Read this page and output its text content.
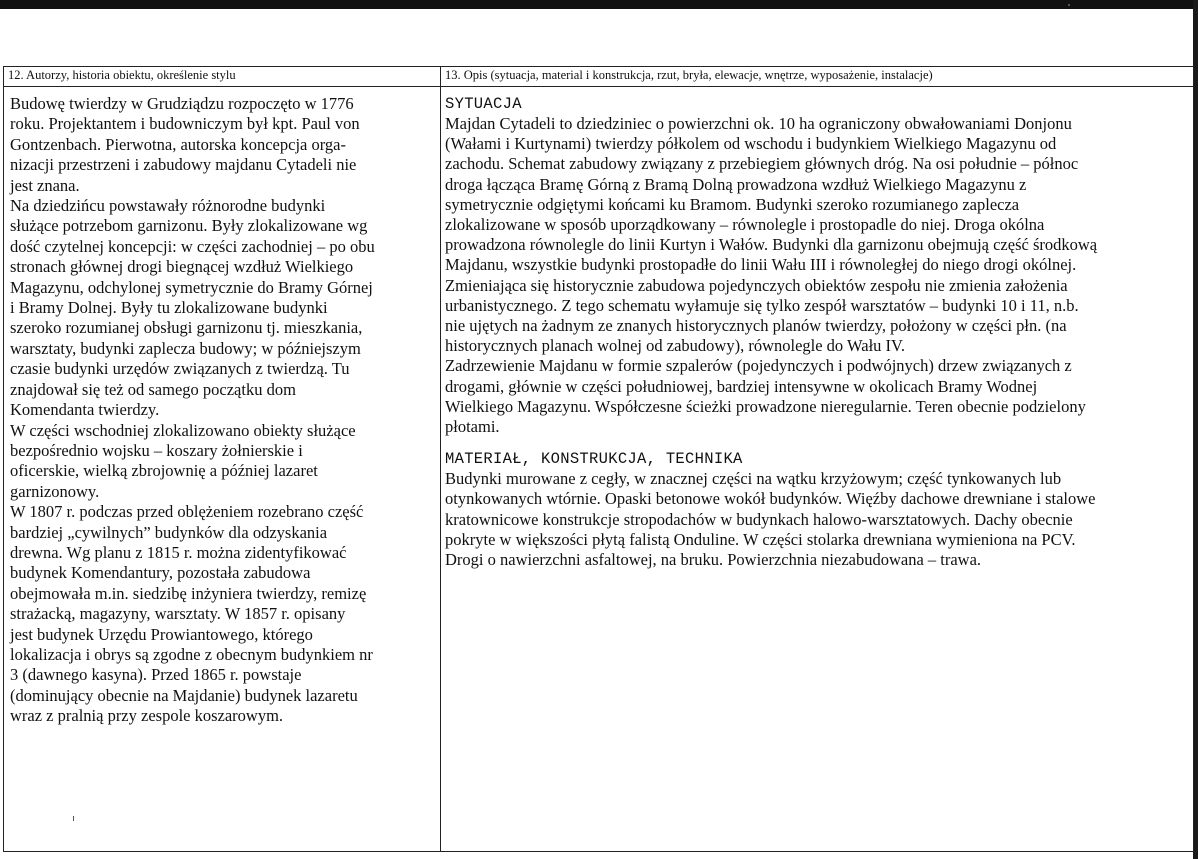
12. Autorzy, historia obiektu, określenie stylu	13. Opis (sytuacja, material i konstrukcja, rzut, bryła, elewacje, wnętrze, wyposażenie, instalacje)
Budowę twierdzy w Grudziądzu rozpoczęto w 1776
roku. Projektantem i budowniczym był kpt. Paul von
Gontzenbach. Pierwotna, autorska koncepcja orga-
nizacji przestrzeni i zabudowy majdanu Cytadeli nie
jest znana.
Na dziedzińcu powstawały różnorodne budynki
służące potrzebom garnizonu. Były zlokalizowane wg
dość czytelnej koncepcji: w części zachodniej – po obu
stronach głównej drogi biegnącej wzdłuż Wielkiego
Magazynu, odchylonej symetrycznie do Bramy Górnej
i Bramy Dolnej. Były tu zlokalizowane budynki
szeroko rozumianej obsługi garnizonu tj. mieszkania,
warsztaty, budynki zaplecza budowy; w późniejszym
czasie budynki urzędów związanych z twierdzą. Tu
znajdował się też od samego początku dom
Komendanta twierdzy.
W części wschodniej zlokalizowano obiekty służące
bezpośrednio wojsku – koszary żołnierskie i
oficerskie, wielką zbrojownię a później lazaret
garnizonowy.
W 1807 r. podczas przed oblężeniem rozebrano część
bardziej „cywilnych” budynków dla odzyskania
drewna. Wg planu z 1815 r. można zidentyfikować
budynek Komendantury, pozostała zabudowa
obejmowała m.in. siedzibę inżyniera twierdzy, remizę
strażacką, magazyny, warsztaty. W 1857 r. opisany
jest budynek Urzędu Prowiantowego, którego
lokalizacja i obrys są zgodne z obecnym budynkiem nr
3 (dawnego kasyna). Przed 1865 r. powstaje
(dominujący obecnie na Majdanie) budynek lazaretu
wraz z pralnią przy zespole koszarowym.
SYTUACJA
Majdan Cytadeli to dziedziniec o powierzchni ok. 10 ha ograniczony obwałowaniami Donjonu
(Wałami i Kurtynami) twierdzy półkolem od wschodu i budynkiem Wielkiego Magazynu od
zachodu. Schemat zabudowy związany z przebiegiem głównych dróg. Na osi południe – północ
droga łącząca Bramę Górną z Bramą Dolną prowadzona wzdłuż Wielkiego Magazynu z
symetrycznie odgiętymi końcami ku Bramom. Budynki szeroko rozumianego zaplecza
zlokalizowane w sposób uporządkowany – równolegle i prostopadle do niej. Droga okólna
prowadzona równolegle do linii Kurtyn i Wałów. Budynki dla garnizonu obejmują część środkową
Majdanu, wszystkie budynki prostopadłe do linii Wału III i równoległej do niego drogi okólnej.
Zmieniająca się historycznie zabudowa pojedynczych obiektów zespołu nie zmienia założenia
urbanistycznego. Z tego schematu wyłamuje się tylko zespół warsztatów – budynki 10 i 11, n.b.
nie ujętych na żadnym ze znanych historycznych planów twierdzy, położony w części płn. (na
historycznych planach wolnej od zabudowy), równolegle do Wału IV.
Zadrzewienie Majdanu w formie szpalerów (pojedynczych i podwójnych) drzew związanych z
drogami, głównie w części południowej, bardziej intensywne w okolicach Bramy Wodnej
Wielkiego Magazynu. Współczesne ścieżki prowadzone nieregularnie. Teren obecnie podzielony
płotami.
MATERIAŁ, KONSTRUKCJA, TECHNIKA
Budynki murowane z cegły, w znacznej części na wątku krzyżowym; część tynkowanych lub
otynkowanych wtórnie. Opaski betonowe wokół budynków. Więźby dachowe drewniane i stalowe
kratownicowe konstrukcje stropodachów w budynkach halowo-warsztatowych. Dachy obecnie
pokryte w większości płytą falistą Onduline. W części stolarka drewniana wymieniona na PCV.
Drogi o nawierzchni asfaltowej, na bruku. Powierzchnia niezabudowana – trawa.
